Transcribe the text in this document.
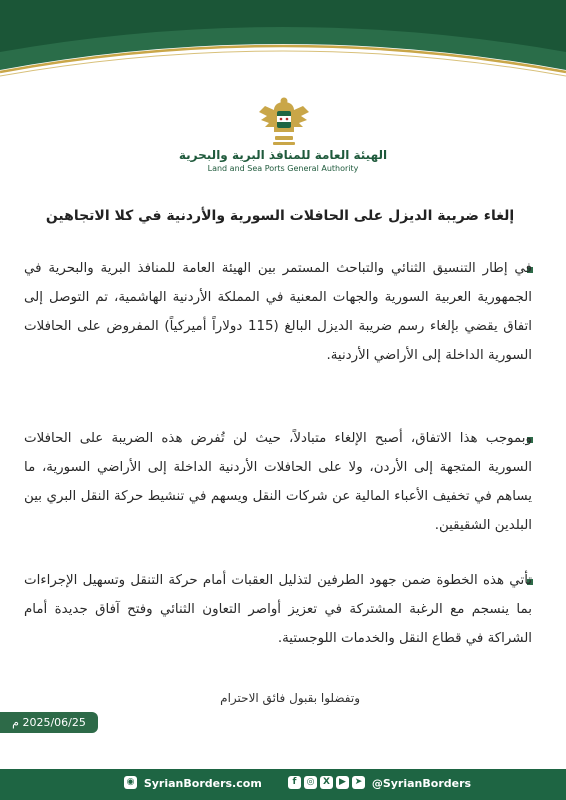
الهيئة العامة للمنافذ البرية والبحرية
Land and Sea Ports General Authority
إلغاء ضريبة الديزل على الحافلات السورية والأردنية في كلا الاتجاهين
في إطار التنسيق الثنائي والتباحث المستمر بين الهيئة العامة للمنافذ البرية والبحرية في الجمهورية العربية السورية والجهات المعنية في المملكة الأردنية الهاشمية، تم التوصل إلى اتفاق يقضي بإلغاء رسم ضريبة الديزل البالغ (115 دولاراً أميركياً) المفروض على الحافلات السورية الداخلة إلى الأراضي الأردنية.
وبموجب هذا الاتفاق، أصبح الإلغاء متبادلاً، حيث لن تُفرض هذه الضريبة على الحافلات السورية المتجهة إلى الأردن، ولا على الحافلات الأردنية الداخلة إلى الأراضي السورية، ما يساهم في تخفيف الأعباء المالية عن شركات النقل ويسهم في تنشيط حركة النقل البري بين البلدين الشقيقين.
تأتي هذه الخطوة ضمن جهود الطرفين لتذليل العقبات أمام حركة التنقل وتسهيل الإجراءات بما ينسجم مع الرغبة المشتركة في تعزيز أواصر التعاون الثنائي وفتح آفاق جديدة أمام الشراكة في قطاع النقل والخدمات اللوجستية.
وتفضلوا بقبول فائق الاحترام
2025/06/25 م
◉ SyrianBorders.com	f	◎ X	▶ ➤ @SyrianBorders
